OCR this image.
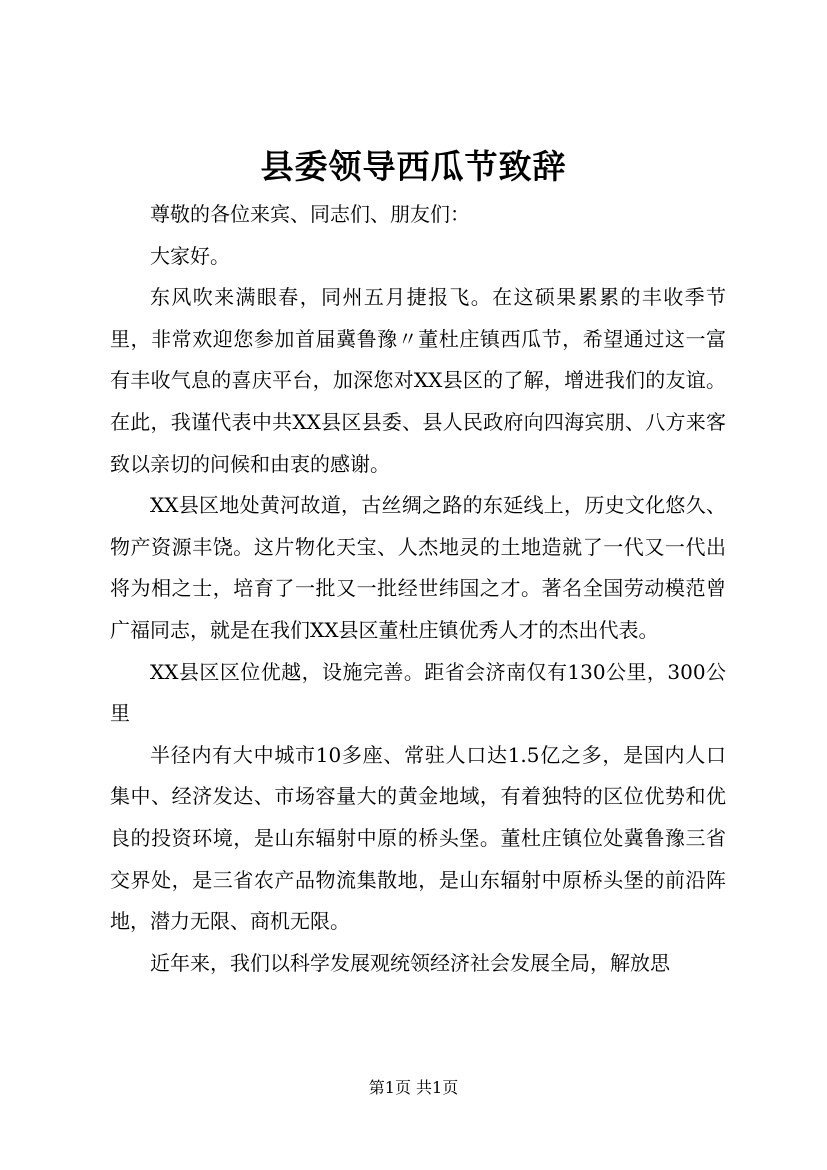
县委领导西瓜节致辞

尊敬的各位来宾、同志们、朋友们：

大家好。

东风吹来满眼春，同州五月捷报飞。在这硕果累累的丰收季节里，非常欢迎您参加首届冀鲁豫〃董杜庄镇西瓜节，希望通过这一富有丰收气息的喜庆平台，加深您对XX县区的了解，增进我们的友谊。在此，我谨代表中共XX县区县委、县人民政府向四海宾朋、八方来客致以亲切的问候和由衷的感谢。

XX县区地处黄河故道，古丝绸之路的东延线上，历史文化悠久、物产资源丰饶。这片物化天宝、人杰地灵的土地造就了一代又一代出将为相之士，培育了一批又一批经世纬国之才。著名全国劳动模范曾广福同志，就是在我们XX县区董杜庄镇优秀人才的杰出代表。

XX县区区位优越，设施完善。距省会济南仅有130公里，300公里

半径内有大中城市10多座、常驻人口达1.5亿之多，是国内人口集中、经济发达、市场容量大的黄金地域，有着独特的区位优势和优良的投资环境，是山东辐射中原的桥头堡。董杜庄镇位处冀鲁豫三省交界处，是三省农产品物流集散地，是山东辐射中原桥头堡的前沿阵地，潜力无限、商机无限。

近年来，我们以科学发展观统领经济社会发展全局，解放思

第1页 共1页
